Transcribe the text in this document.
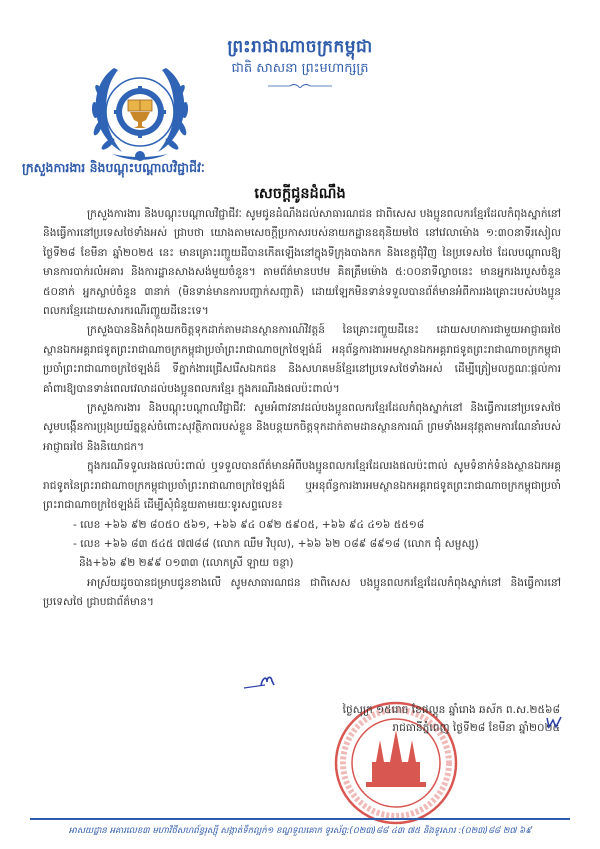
ព្រះរាជាណាចក្រកម្ពុជា
ជាតិ សាសនា ព្រះមហាក្សត្រ
ក្រសួងការងារ និងបណ្តុះបណ្តាលវិជ្ជាជីវៈ
សេចក្តីជូនដំណឹង

ក្រសួងការងារ និងបណ្តុះបណ្តាលវិជ្ជាជីវៈ សូមជូនដំណឹងដល់សាធារណជន ជាពិសេស បងប្អូនពលករខ្មែរដែលកំពុងស្នាក់នៅ និងធ្វើការនៅប្រទេសថៃទាំងអស់ ជ្រាបថា យោងតាមសេចក្តីប្រកាសរបស់នាយកដ្ឋានឧតុនិយមថៃ នៅវេលាម៉ោង ១:៣០នាទីរសៀល ថ្ងៃទី២៨ ខែមីនា ឆ្នាំ២០២៥ នេះ មានគ្រោះរញ្ជួយដីបានកើតឡើងនៅក្នុងទីក្រុងបាងកក និងខេត្តជុំវិញ នៃប្រទេសថៃ ដែលបណ្តាលឱ្យមានការបាក់រលំអគារ និងការដ្ឋានសាងសង់មួយចំនួន។ តាមព័ត៌មានបឋម គិតត្រឹមម៉ោង ៥:០០នាទីល្ងាចនេះ មានអ្នករងរបួសចំនួន ៥០នាក់ អ្នកស្លាប់ចំនួន ៣នាក់ (មិនទាន់មានការបញ្ជាក់សញ្ជាតិ) ដោយឡែកមិនទាន់ទទួលបានព័ត៌មានអំពីការរងគ្រោះរបស់បងប្អូនពលករខ្មែរដោយសារករណីរញ្ជួយដីនេះទេ។

ក្រសួងបាននិងកំពុងយកចិត្តទុកដាក់តាមដានស្ថានការណ៍វិវត្តន៍ នៃគ្រោះរញ្ជួយដីនេះ ដោយសហការជាមួយអាជ្ញាធរថៃ ស្ថានឯកអគ្គរាជទូតព្រះរាជាណាចក្រកម្ពុជាប្រចាំព្រះរាជាណាចក្រថៃឡង់ដ៍ អនុព័ន្ធការងារអមស្ថានឯកអគ្គរាជទូតព្រះរាជាណាចក្រកម្ពុជាប្រចាំព្រះរាជាណាចក្រថៃឡង់ដ៍ ទីភ្នាក់ងារជ្រើសរើសឯកជន និងសហគមន៍ខ្មែរនៅប្រទេសថៃទាំងអស់ ដើម្បីត្រៀមលក្ខណៈផ្តល់ការគាំពារឱ្យបានទាន់ពេលវេលាដល់បងប្អូនពលករខ្មែរ ក្នុងករណីរងផលប៉ះពាល់។

ក្រសួងការងារ និងបណ្តុះបណ្តាលវិជ្ជាជីវៈ សូមអំពាវនាវដល់បងប្អូនពលករខ្មែរដែលកំពុងស្នាក់នៅ និងធ្វើការនៅប្រទេសថៃ សូមបង្កើនការប្រុងប្រយ័ត្នខ្ពស់ចំពោះសុវត្ថិភាពរបស់ខ្លួន និងបន្តយកចិត្តទុកដាក់តាមដានស្ថានការណ៍ ព្រមទាំងអនុវត្តតាមការណែនាំរបស់អាជ្ញាធរថៃ និងនិយោជក។

ក្នុងករណីទទួលរងផលប៉ះពាល់ ឬទទួលបានព័ត៌មានអំពីបងប្អូនពលករខ្មែរដែលរងផលប៉ះពាល់ សូមទំនាក់ទំនងស្ថានឯកអគ្គរាជទូតនៃព្រះរាជាណាចក្រកម្ពុជាប្រចាំព្រះរាជាណាចក្រថៃឡង់ដ៍ ឬអនុព័ន្ធការងារអមស្ថានឯកអគ្គរាជទូតព្រះរាជាណាចក្រកម្ពុជាប្រចាំព្រះរាជាណាចក្រថៃឡង់ដ៍ ដើម្បីសុំជំនួយតាមរយៈទូរសព្ទលេខ៖

- លេខ +៦៦ ៩២ ៨០៥០ ៥៦១, +៦៦ ៩៤ ០៩២ ៥៩០៥, +៦៦ ៩៤ ៤១៦ ៥៥១៨
- លេខ +៦៦ ៨៣ ៥៤៥ ៧៧៨៨ (លោក ឈឹម វិបុល), +៦៦ ៦២ ០៨៩ ៨៩១៨ (លោក ជុំ សម្ផស្ស)
និង+៦៦ ៩២ ២៩៩ ០១៣៣ (លោកស្រី ឡាយ ចន្ថា)

អាស្រ័យដូចបានជម្រាបជូនខាងលើ សូមសាធារណជន ជាពិសេស បងប្អូនពលករខ្មែរដែលកំពុងស្នាក់នៅ និងធ្វើការនៅប្រទេសថៃ ជ្រាបជាព័ត៌មាន។

ថ្ងៃសុក្រ ១៥រោច ខែផល្គុន ឆ្នាំរោង ឆស័ក ព.ស.២៥៦៨
រាជធានីភ្នំពេញ ថ្ងៃទី២៨ ខែមីនា ឆ្នាំ២០២៥
អាសយដ្ឋាន អគារលេខ៣ មហាវិថីសហព័ន្ធរុស្ស៊ី សង្កាត់ទឹកល្អក់១ ខណ្ឌទួលគោក ទូរស័ព្ទ:(០២៣)៨៨ ៤៣ ៧៥ និងទូរសារ :(០២៣)៨៨ ២៧ ៦៩
